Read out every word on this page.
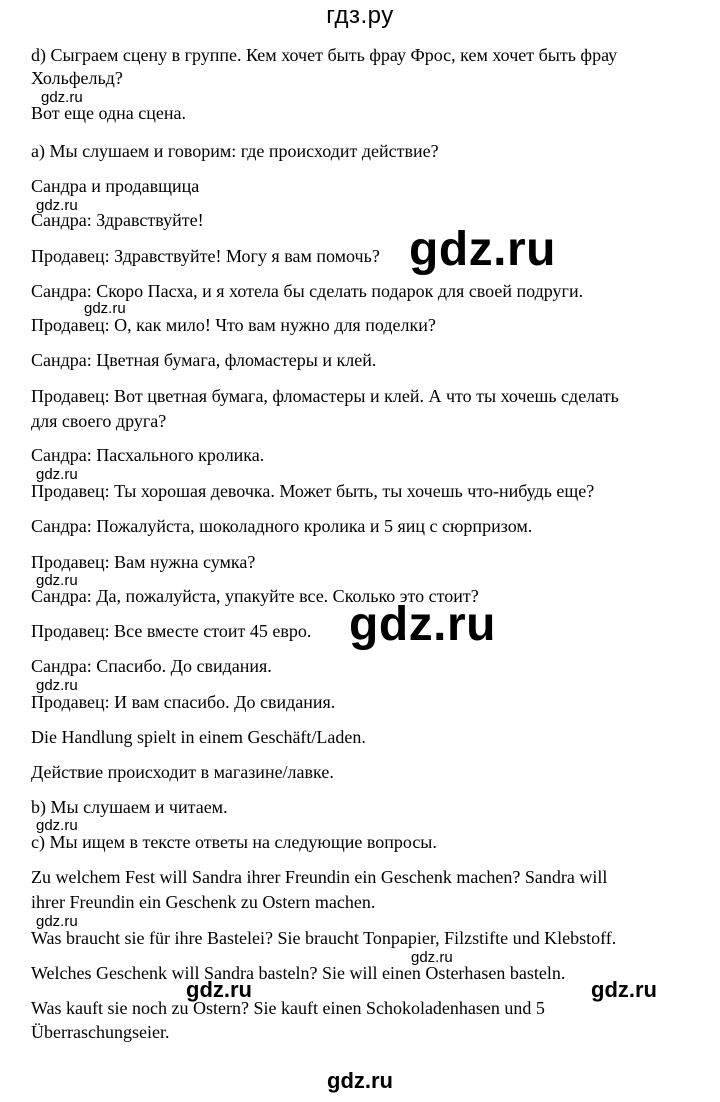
гдз.ру
d) Сыграем сцену в группе. Кем хочет быть фрау Фрос, кем хочет быть фрау
Хольфельд?
Вот еще одна сцена.
a) Мы слушаем и говорим: где происходит действие?
Сандра и продавщица
Сандра: Здравствуйте!
Продавец: Здравствуйте! Могу я вам помочь?
Сандра: Скоро Пасха, и я хотела бы сделать подарок для своей подруги.
Продавец: О, как мило! Что вам нужно для поделки?
Сандра: Цветная бумага, фломастеры и клей.
Продавец: Вот цветная бумага, фломастеры и клей. А что ты хочешь сделать
для своего друга?
Сандра: Пасхального кролика.
Продавец: Ты хорошая девочка. Может быть, ты хочешь что-нибудь еще?
Сандра: Пожалуйста, шоколадного кролика и 5 яиц с сюрпризом.
Продавец: Вам нужна сумка?
Сандра: Да, пожалуйста, упакуйте все. Сколько это стоит?
Продавец: Все вместе стоит 45 евро.
Сандра: Спасибо. До свидания.
Продавец: И вам спасибо. До свидания.
Die Handlung spielt in einem Geschäft/Laden.
Действие происходит в магазине/лавке.
b) Мы слушаем и читаем.
c) Мы ищем в тексте ответы на следующие вопросы.
Zu welchem Fest will Sandra ihrer Freundin ein Geschenk machen? Sandra will
ihrer Freundin ein Geschenk zu Ostern machen.
Was braucht sie für ihre Bastelei? Sie braucht Tonpapier, Filzstifte und Klebstoff.
Welches Geschenk will Sandra basteln? Sie will einen Osterhasen basteln.
Was kauft sie noch zu Ostern? Sie kauft einen Schokoladenhasen und 5
Überraschungseier.
gdz.ru
gdz.ru
gdz.ru
gdz.ru
gdz.ru
gdz.ru
gdz.ru
gdz.ru
gdz.ru
gdz.ru
gdz.ru
gdz.ru	gdz.ru
gdz.ru
